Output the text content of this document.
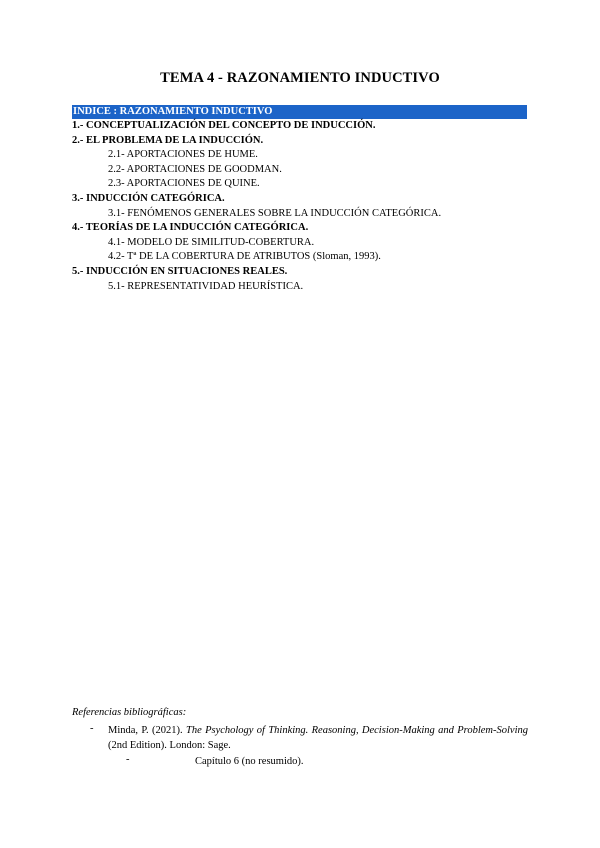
TEMA 4 - RAZONAMIENTO INDUCTIVO
INDICE : RAZONAMIENTO INDUCTIVO
1.- CONCEPTUALIZACIÓN DEL CONCEPTO DE INDUCCIÓN.
2.- EL PROBLEMA DE LA INDUCCIÓN.
2.1- APORTACIONES DE HUME.
2.2- APORTACIONES DE GOODMAN.
2.3- APORTACIONES DE QUINE.
3.- INDUCCIÓN CATEGÓRICA.
3.1- FENÓMENOS GENERALES SOBRE LA INDUCCIÓN CATEGÓRICA.
4.- TEORÍAS DE LA INDUCCIÓN CATEGÓRICA.
4.1- MODELO DE SIMILITUD-COBERTURA.
4.2- Tª DE LA COBERTURA DE ATRIBUTOS (Sloman, 1993).
5.- INDUCCIÓN EN SITUACIONES REALES.
5.1- REPRESENTATIVIDAD HEURÍSTICA.
Referencias bibliográficas:
-	Minda, P. (2021). The Psychology of Thinking. Reasoning, Decision-Making and Problem-Solving (2nd Edition). London: Sage.
-	Capítulo 6 (no resumido).
